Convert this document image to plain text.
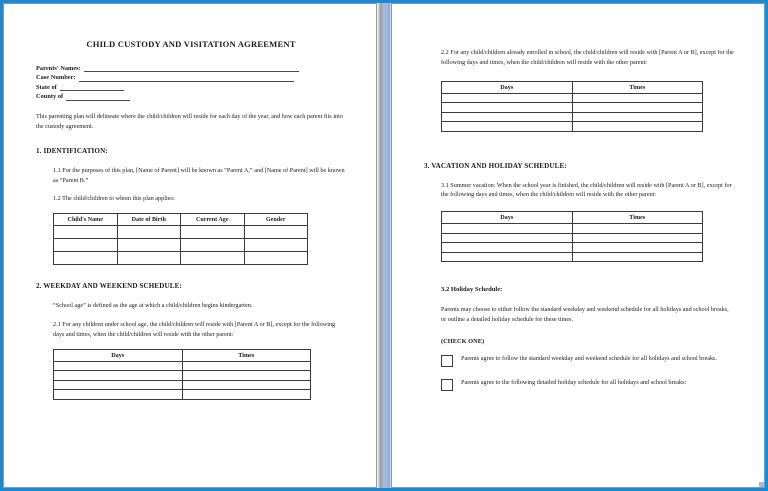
CHILD CUSTODY AND VISITATION AGREEMENT
Parents' Names:
Case Number:
State of
County of

This parenting plan will delineate where the child/children will reside for each day of the year, and how each parent fits into the custody agreement.

1. IDENTIFICATION:

1.1 For the purposes of this plan, [Name of Parent] will be known as “Parent A,” and [Name of Parent] will be known as “Parent B.”

1.2 The child/children to whom this plan applies:

Child's Name	Date of Birth	Current Age	Gender

2. WEEKDAY AND WEEKEND SCHEDULE:

“School age” is defined as the age at which a child/children begins kindergarten.

2.1 For any children under school age, the child/children will reside with [Parent A or B], except for the following days and times, when the child/children will reside with the other parent:

Days	Times

2.2 For any child/children already enrolled in school, the child/children will reside with [Parent A or B], except for the following days and times, when the child/children will reside with the other parent:

Days	Times

3. VACATION AND HOLIDAY SCHEDULE:

3.1 Summer vacation: When the school year is finished, the child/children will reside with [Parent A or B], except for the following days and times, when the child/children will reside with the other parent:

Days	Times

3.2 Holiday Schedule:

Parents may choose to either follow the standard weekday and weekend schedule for all holidays and school breaks, or outline a detailed holiday schedule for these times.

(CHECK ONE)
Parents agree to follow the standard weekday and weekend schedule for all holidays and school breaks.
Parents agree to the following detailed holiday schedule for all holidays and school breaks:
